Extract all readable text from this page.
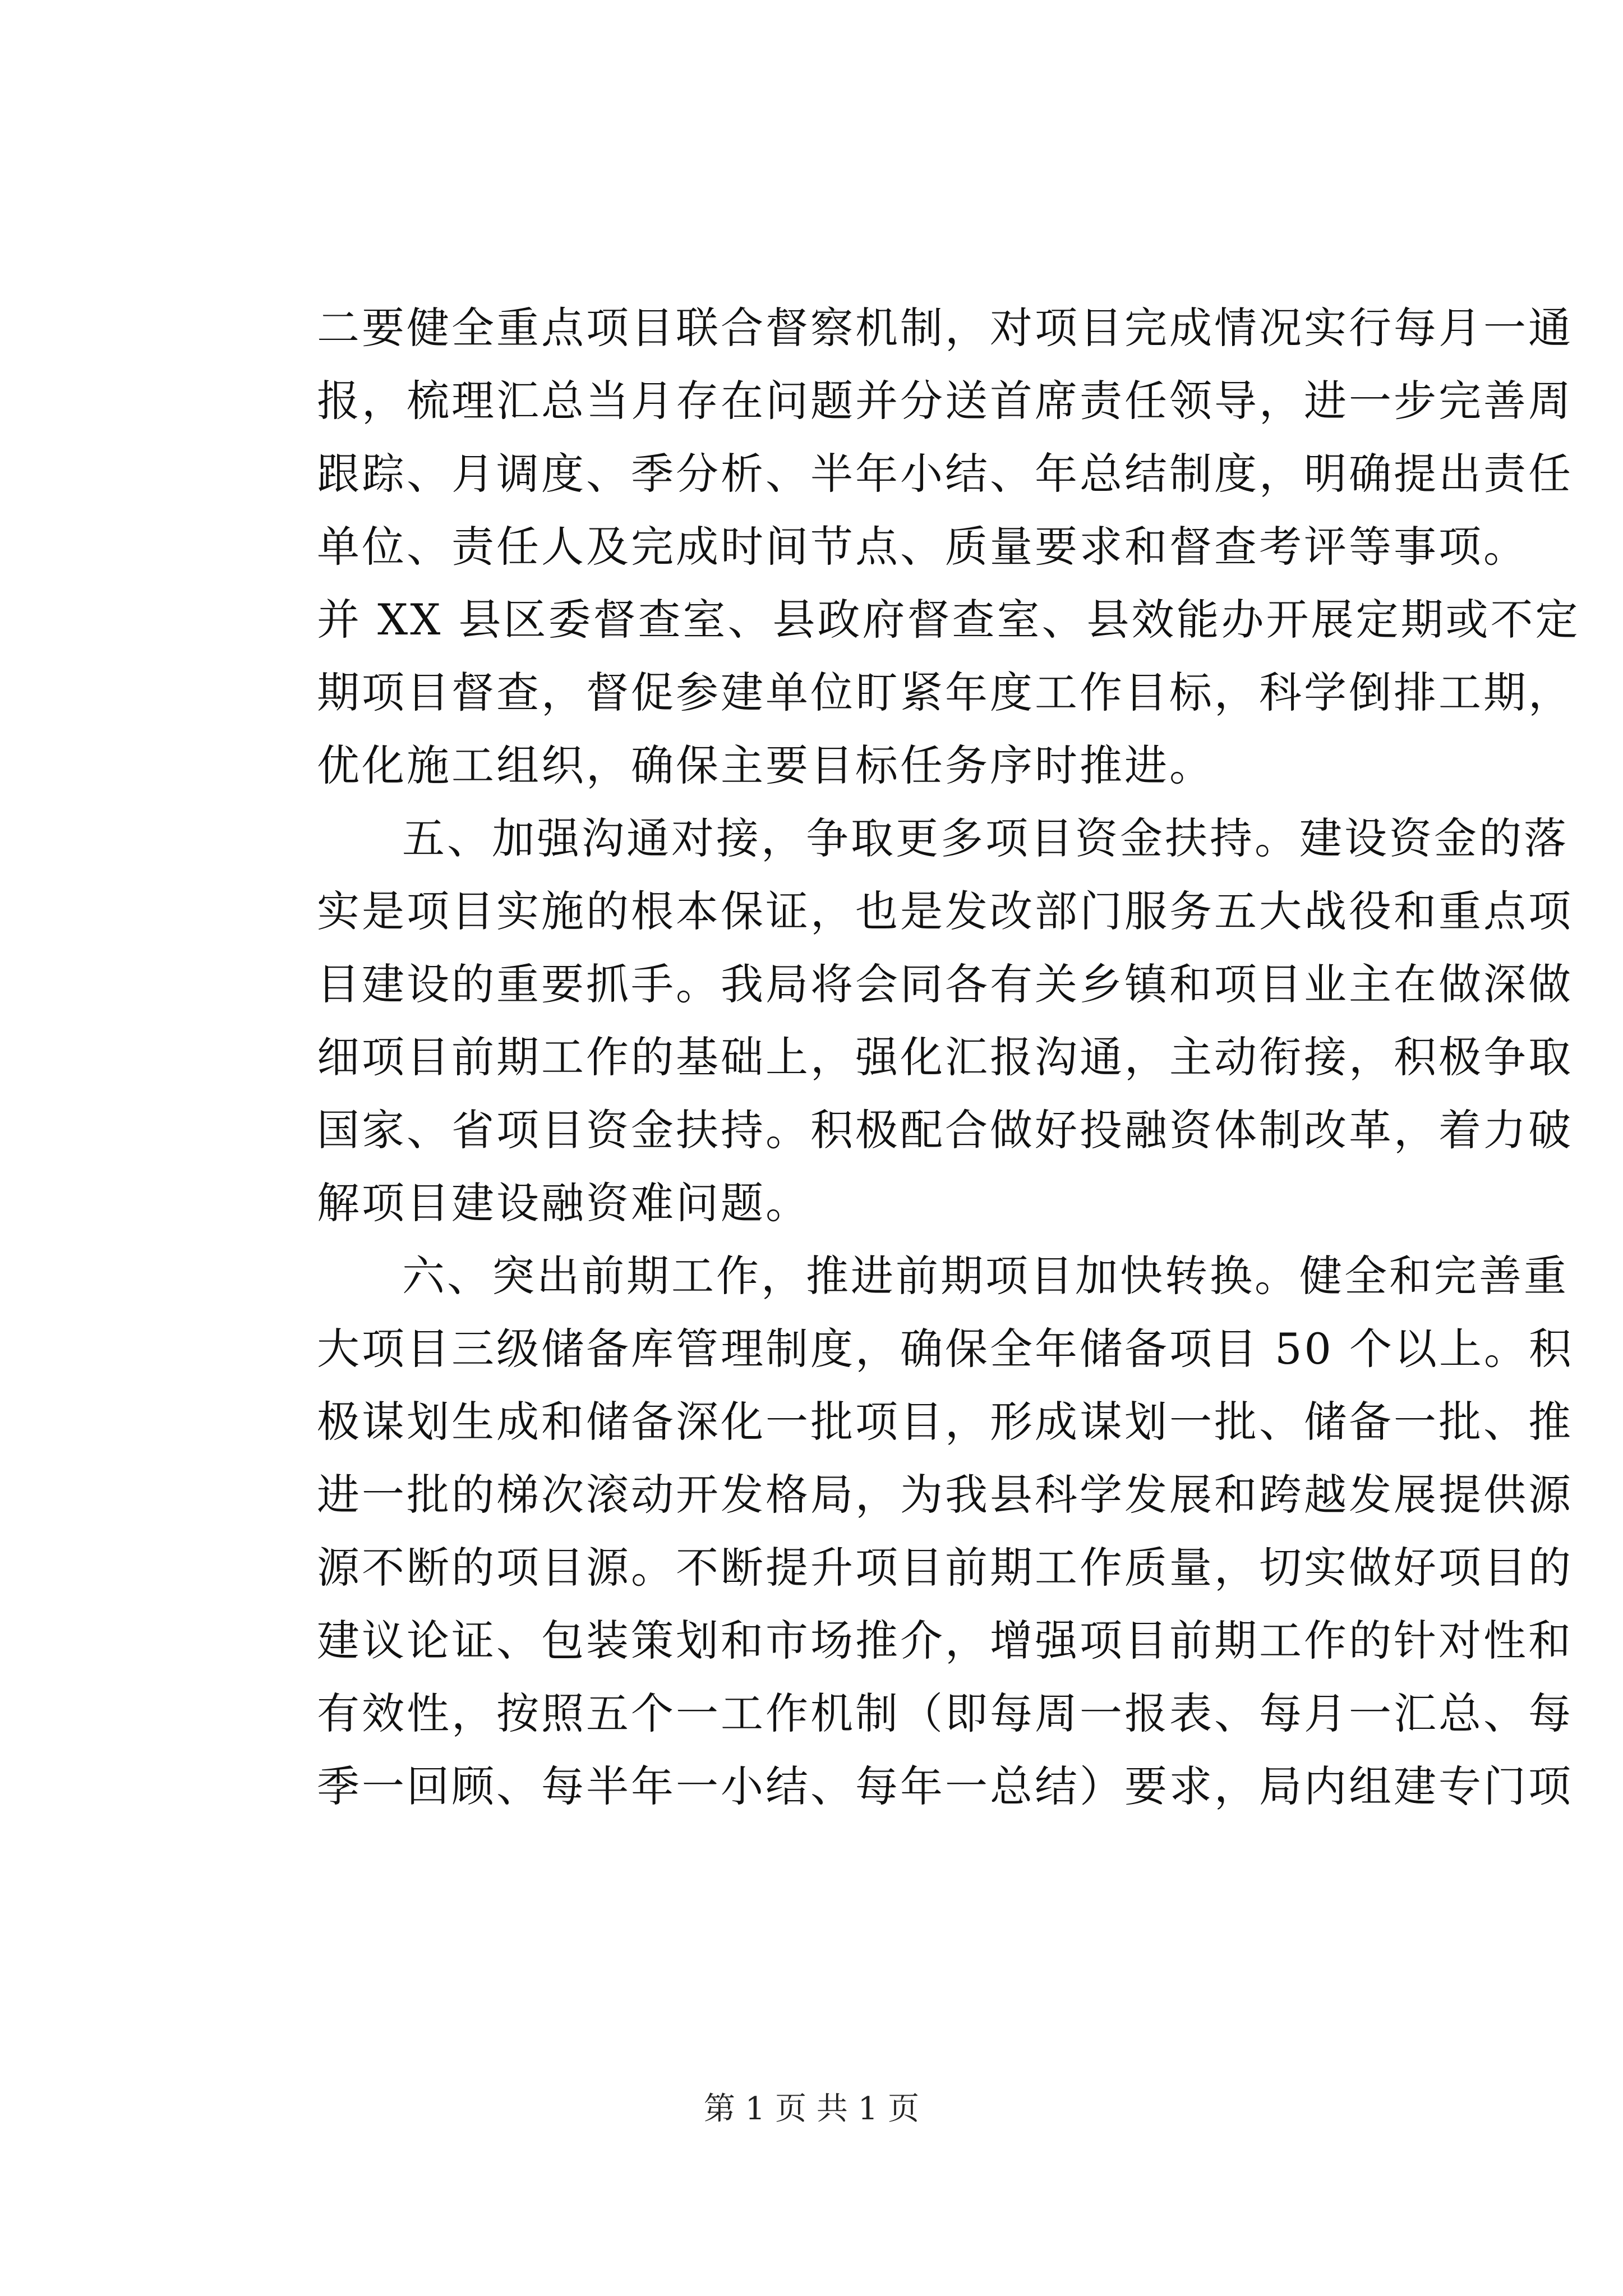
二要健全重点项目联合督察机制，对项目完成情况实行每月一通
报，梳理汇总当月存在问题并分送首席责任领导，进一步完善周
跟踪、月调度、季分析、半年小结、年总结制度，明确提出责任
单位、责任人及完成时间节点、质量要求和督查考评等事项。
并 XX 县区委督查室、县政府督查室、县效能办开展定期或不定
期项目督查，督促参建单位盯紧年度工作目标，科学倒排工期，
优化施工组织，确保主要目标任务序时推进。
五、加强沟通对接，争取更多项目资金扶持。建设资金的落
实是项目实施的根本保证，也是发改部门服务五大战役和重点项
目建设的重要抓手。我局将会同各有关乡镇和项目业主在做深做
细项目前期工作的基础上，强化汇报沟通，主动衔接，积极争取
国家、省项目资金扶持。积极配合做好投融资体制改革，着力破
解项目建设融资难问题。
六、突出前期工作，推进前期项目加快转换。健全和完善重
大项目三级储备库管理制度，确保全年储备项目 50 个以上。积
极谋划生成和储备深化一批项目，形成谋划一批、储备一批、推
进一批的梯次滚动开发格局，为我县科学发展和跨越发展提供源
源不断的项目源。不断提升项目前期工作质量，切实做好项目的
建议论证、包装策划和市场推介，增强项目前期工作的针对性和
有效性，按照五个一工作机制（即每周一报表、每月一汇总、每
季一回顾、每半年一小结、每年一总结）要求，局内组建专门项
第 1 页 共 1 页
